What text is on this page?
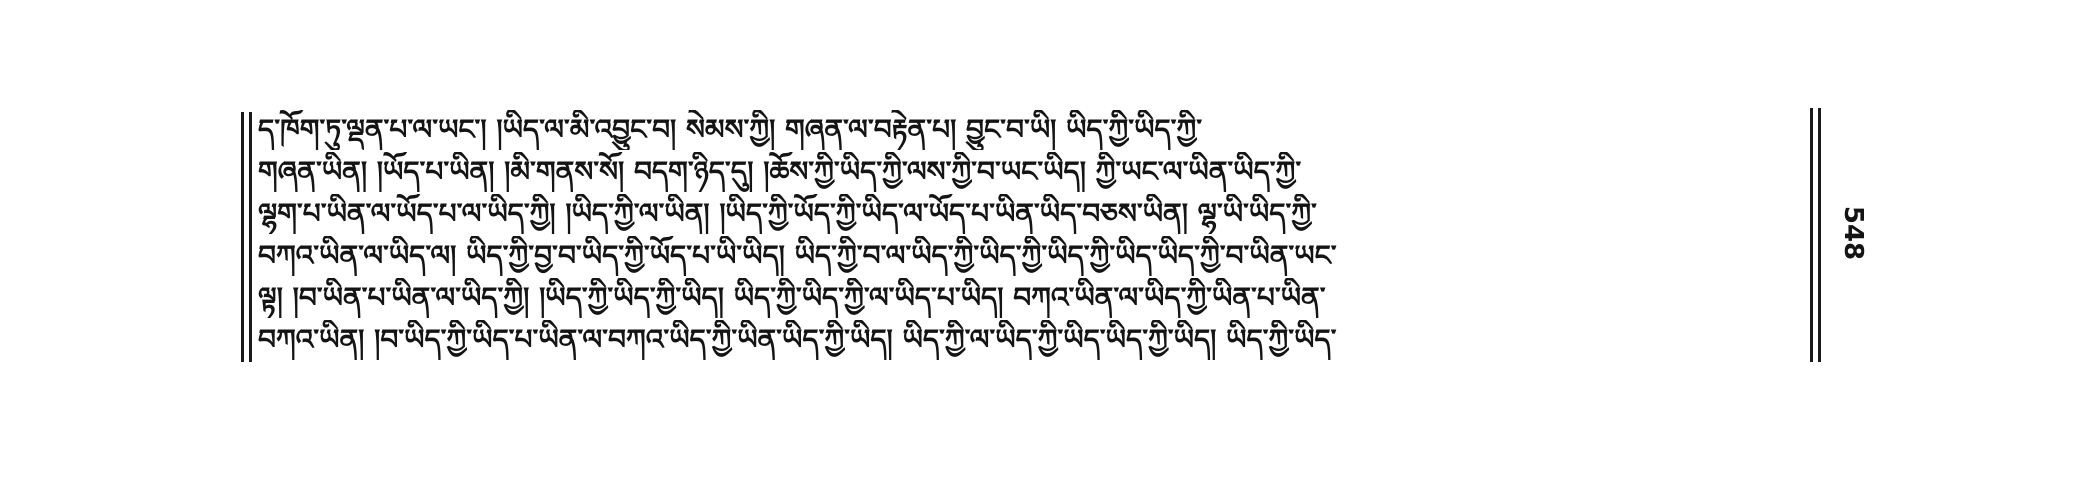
ད་ཁོག་ཏུ་ལྡན་པ་ལ་ཡང་། །ཡིད་ལ་མི་འབྱུང་བ། སེམས་ཀྱི། གཞན་ལ་བརྟེན་པ། བྱུང་བ་ཡི། ཡིད་ཀྱི་ཡིད་ཀྱི་
གཞན་ཡིན། །ཡོད་པ་ཡིན། །མི་གནས་སོ། བདག་ཉིད་དུ། །ཆོས་ཀྱི་ཡིད་ཀྱི་ལས་ཀྱི་བ་ཡང་ཡིད། ཀྱི་ཡང་ལ་ཡིན་ཡིད་ཀྱི་
ལྷག་པ་ཡིན་ལ་ཡོད་པ་ལ་ཡིད་ཀྱི། །ཡིད་ཀྱི་ལ་ཡིན། །ཡིད་ཀྱི་ཡོད་ཀྱི་ཡིད་ལ་ཡོད་པ་ཡིན་ཡིད་བཅས་ཡིན། ལྷ་ཡི་ཡིད་ཀྱི་
བཀའ་ཡིན་ལ་ཡིད་ལ། ཡིད་ཀྱི་བྱ་བ་ཡིད་ཀྱི་ཡོད་པ་ཡི་ཡིད། ཡིད་ཀྱི་བ་ལ་ཡིད་ཀྱི་ཡིད་ཀྱི་ཡིད་ཀྱི་ཡིད་ཡིད་ཀྱི་བ་ཡིན་ཡང་
ལྟ། །བ་ཡིན་པ་ཡིན་ལ་ཡིད་ཀྱི། །ཡིད་ཀྱི་ཡིད་ཀྱི་ཡིད། ཡིད་ཀྱི་ཡིད་ཀྱི་ལ་ཡིད་པ་ཡིད། བཀའ་ཡིན་ལ་ཡིད་ཀྱི་ཡིན་པ་ཡིན་
བཀའ་ཡིན། །བ་ཡིད་ཀྱི་ཡིད་པ་ཡིན་ལ་བཀའ་ཡིད་ཀྱི་ཡིན་ཡིད་ཀྱི་ཡིད། ཡིད་ཀྱི་ལ་ཡིད་ཀྱི་ཡིད་ཡིད་ཀྱི་ཡིད། ཡིད་ཀྱི་ཡིད་
548
